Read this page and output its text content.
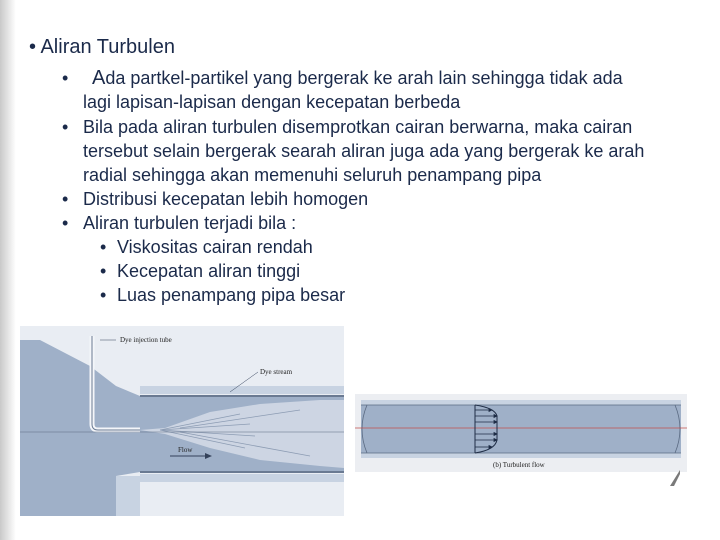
• Aliran Turbulen
• Ada partkel-partikel yang bergerak ke arah lain sehingga tidak ada
lagi lapisan-lapisan dengan kecepatan berbeda
• Bila pada aliran turbulen disemprotkan cairan berwarna, maka cairan
tersebut selain bergerak searah aliran juga ada yang bergerak ke arah
radial sehingga akan memenuhi seluruh penampang pipa
• Distribusi kecepatan lebih homogen
• Aliran turbulen terjadi bila :
• Viskositas cairan rendah
• Kecepatan aliran tinggi
• Luas penampang pipa besar
Dye injection tube
Dye stream
Flow
(b) Turbulent flow
